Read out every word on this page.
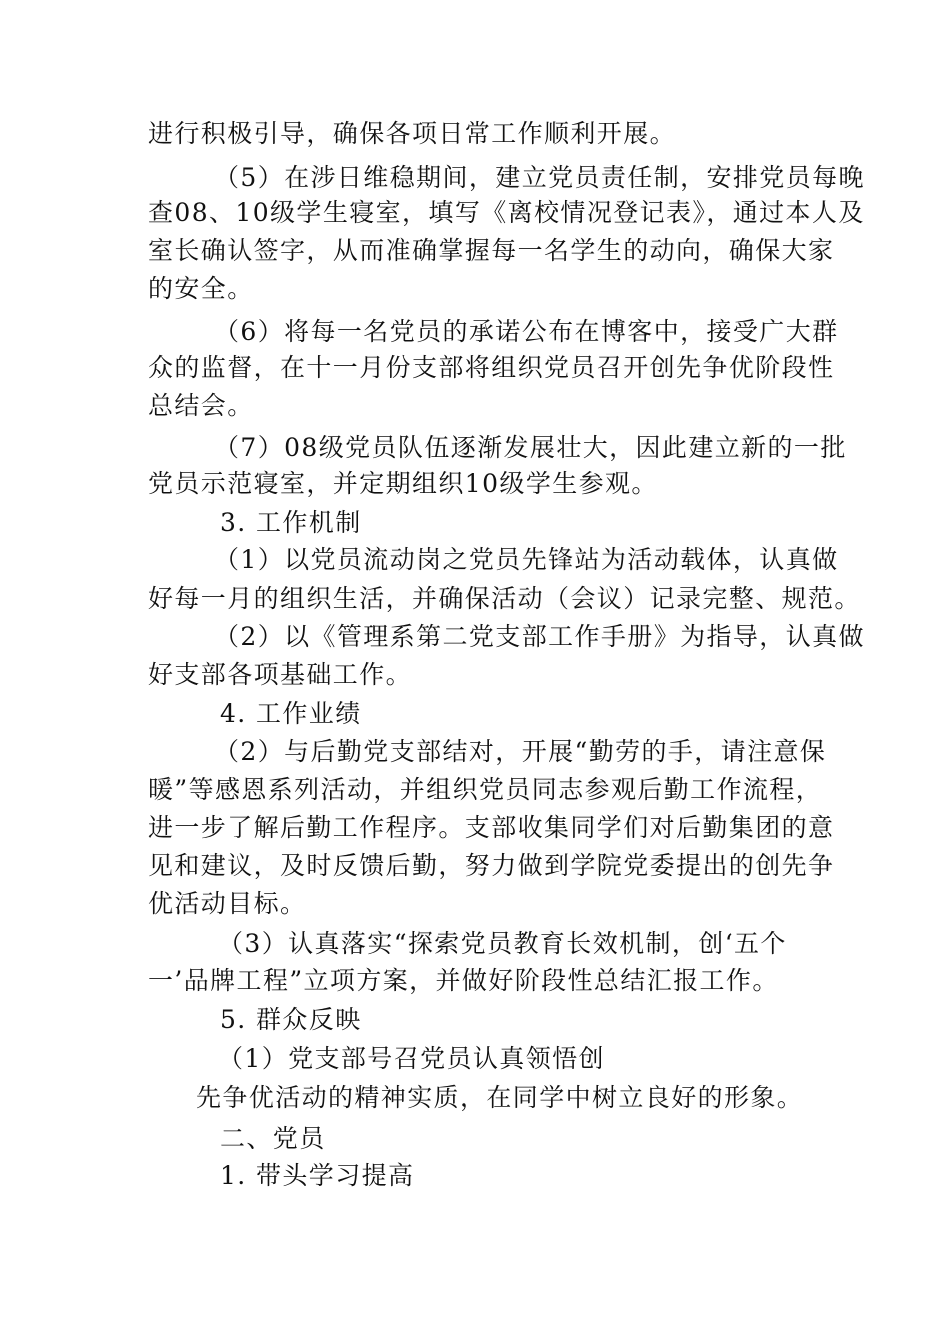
进行积极引导，确保各项日常工作顺利开展。
（5）在涉日维稳期间，建立党员责任制，安排党员每晚
查08、10级学生寝室，填写《离校情况登记表》，通过本人及
室长确认签字，从而准确掌握每一名学生的动向，确保大家
的安全。
（6）将每一名党员的承诺公布在博客中，接受广大群
众的监督，在十一月份支部将组织党员召开创先争优阶段性
总结会。
（7）08级党员队伍逐渐发展壮大，因此建立新的一批
党员示范寝室，并定期组织10级学生参观。
3. 工作机制
（1）以党员流动岗之党员先锋站为活动载体，认真做
好每一月的组织生活，并确保活动（会议）记录完整、规范。
（2）以《管理系第二党支部工作手册》为指导，认真做
好支部各项基础工作。
4. 工作业绩
（2）与后勤党支部结对，开展“勤劳的手，请注意保
暖”等感恩系列活动，并组织党员同志参观后勤工作流程，
进一步了解后勤工作程序。支部收集同学们对后勤集团的意
见和建议，及时反馈后勤，努力做到学院党委提出的创先争
优活动目标。
（3）认真落实“探索党员教育长效机制，创‘五个
一’品牌工程”立项方案，并做好阶段性总结汇报工作。
5. 群众反映
（1）党支部号召党员认真领悟创
先争优活动的精神实质，在同学中树立良好的形象。
二、党员
1. 带头学习提高
